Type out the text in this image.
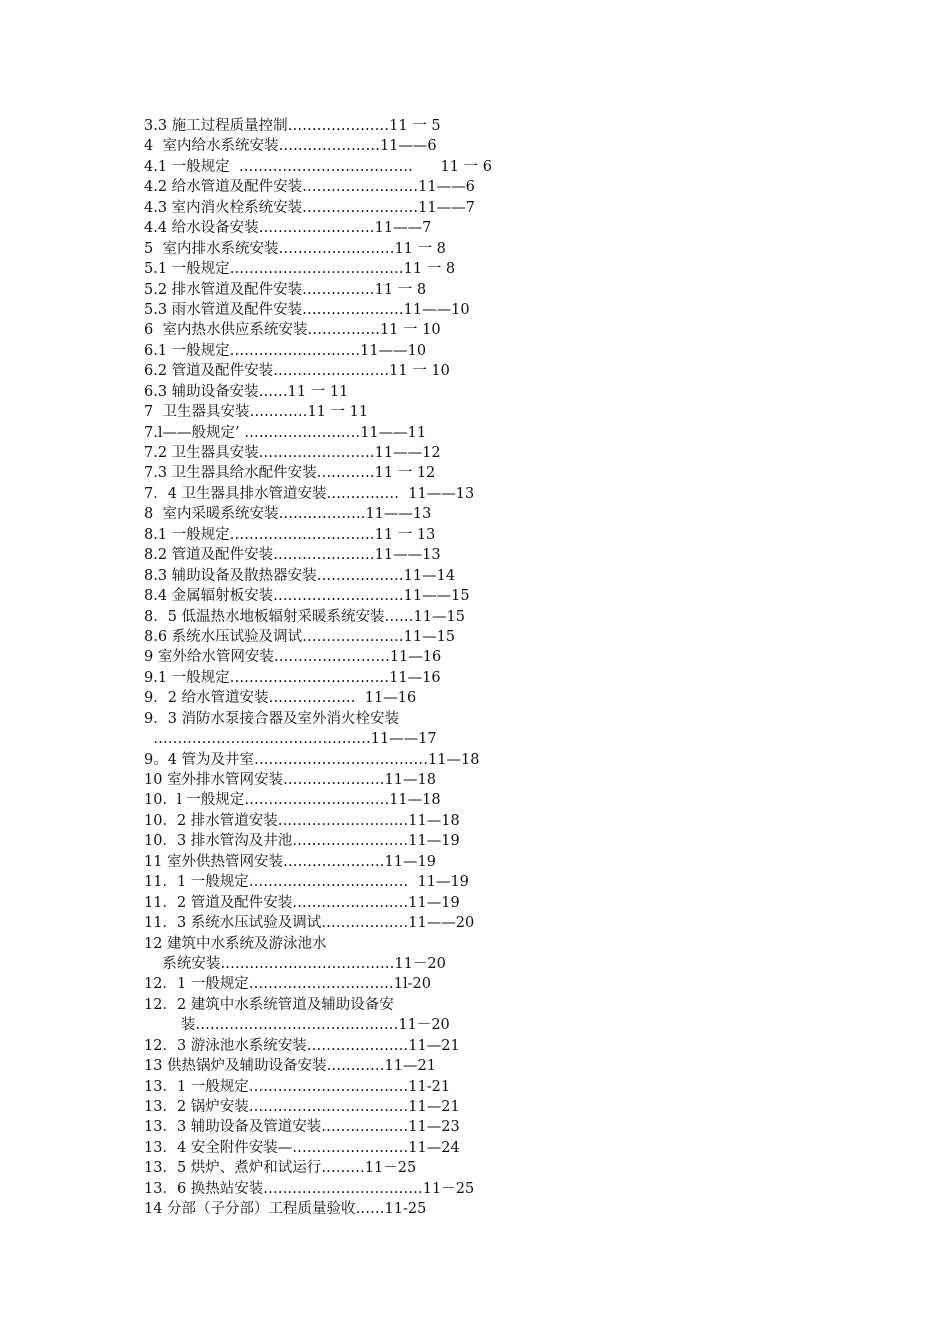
3.3 施工过程质量控制…………………11 一 5
4  室内给水系统安装…………………11——6
4.1 一般规定  ………………………………      11 一 6
4.2 给水管道及配件安装……………………11——6
4.3 室内消火栓系统安装……………………11——7
4.4 给水设备安装……………………11——7
5  室内排水系统安装……………………11 一 8
5.1 一般规定………………………………11 一 8
5.2 排水管道及配件安装……………11 一 8
5.3 雨水管道及配件安装…………………11——10
6  室内热水供应系统安装……………11 一 10
6.1 一般规定………………………11——10
6.2 管道及配件安装……………………11 一 10
6.3 辅助设备安装……11 一 11
7  卫生器具安装…………11 一 11
7.l——般规定’ ……………………11——11
7.2 卫生器具安装……………………11——12
7.3 卫生器具给水配件安装…………11 一 12
7．4 卫生器具排水管道安装……………  11——13
8  室内采暖系统安装………………11——13
8.1 一般规定…………………………11 一 13
8.2 管道及配件安装…………………11——13
8.3 辅助设备及散热器安装………………11—14
8.4 金属辐射板安装………………………11——15
8．5 低温热水地板辐射采暖系统安装……11—15
8.6 系统水压试验及调试…………………11—15
9 室外给水管网安装……………………11—16
9.1 一般规定……………………………11—16
9．2 给水管道安装………………  11—16
9．3 消防水泵接合器及室外消火栓安装
………………………………………11——17
9。4 管为及井室………………………………11—18
10 室外排水管网安装…………………11—18
10．l 一般规定…………………………11—18
10．2 排水管道安装………………………11—18
10．3 排水管沟及井池……………………11—19
11 室外供热管网安装…………………11—19
11．1 一般规定……………………………  11—19
11．2 管道及配件安装……………………11—19
11．3 系统水压试验及调试………………11——20
12 建筑中水系统及游泳池水
系统安装………………………………11－20
12．1 一般规定…………………………1l-20
12．2 建筑中水系统管道及辅助设备安
装……………………………………11－20
12．3 游泳池水系统安装…………………11—21
13 供热锅炉及辅助设备安装…………11—21
13．1 一般规定……………………………11-21
13．2 锅炉安装……………………………11—21
13．3 辅助设备及管道安装………………11—23
13．4 安全附件安装—……………………11—24
13．5 烘炉、煮炉和试运行………11－25
13．6 换热站安装……………………………11－25
14 分部（子分部）工程质量验收……11-25
